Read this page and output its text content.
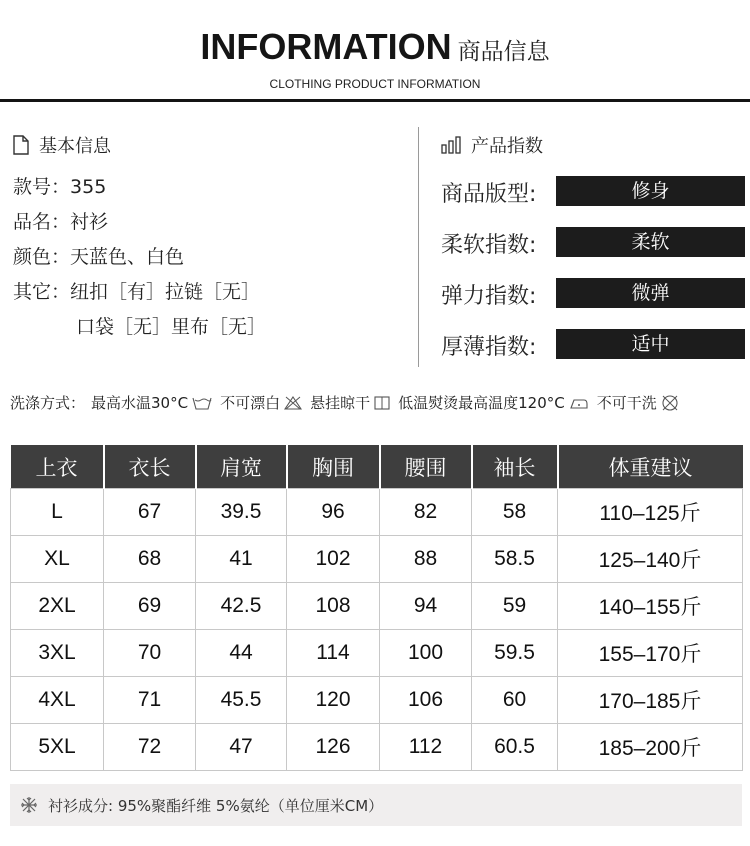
INFORMATION 商品信息
CLOTHING PRODUCT INFORMATION
基本信息
款号：355
品名：衬衫
颜色：天蓝色、白色
其它：纽扣［有］拉链［无］
口袋［无］里布［无］
产品指数
商品版型:	修身
柔软指数:	柔软
弹力指数:	微弹
厚薄指数:	适中
洗涤方式： 最高水温30°C 不可漂白 悬挂晾干 低温熨烫最高温度120°C 不可干洗
上衣	衣长	肩宽	胸围	腰围	袖长	体重建议
L	67	39.5	96	82	58	110–125斤
XL	68	41	102	88	58.5	125–140斤
2XL	69	42.5	108	94	59	140–155斤
3XL	70	44	114	100	59.5	155–170斤
4XL	71	45.5	120	106	60	170–185斤
5XL	72	47	126	112	60.5	185–200斤
衬衫成分: 95%聚酯纤维 5%氨纶（单位厘米CM）
